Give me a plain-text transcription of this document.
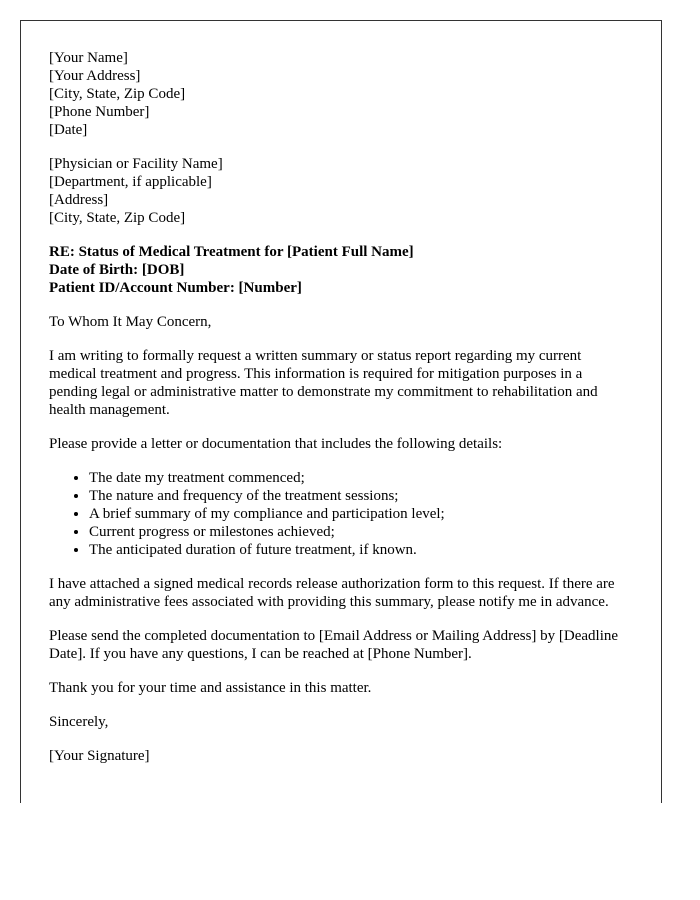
[Your Name]
[Your Address]
[City, State, Zip Code]
[Phone Number]
[Date]

[Physician or Facility Name]
[Department, if applicable]
[Address]
[City, State, Zip Code]

RE: Status of Medical Treatment for [Patient Full Name]
Date of Birth: [DOB]
Patient ID/Account Number: [Number]

To Whom It May Concern,

I am writing to formally request a written summary or status report regarding my current medical treatment and progress. This information is required for mitigation purposes in a pending legal or administrative matter to demonstrate my commitment to rehabilitation and health management.

Please provide a letter or documentation that includes the following details:

• The date my treatment commenced;
• The nature and frequency of the treatment sessions;
• A brief summary of my compliance and participation level;
• Current progress or milestones achieved;
• The anticipated duration of future treatment, if known.

I have attached a signed medical records release authorization form to this request. If there are any administrative fees associated with providing this summary, please notify me in advance.

Please send the completed documentation to [Email Address or Mailing Address] by [Deadline Date]. If you have any questions, I can be reached at [Phone Number].

Thank you for your time and assistance in this matter.

Sincerely,

[Your Signature]
